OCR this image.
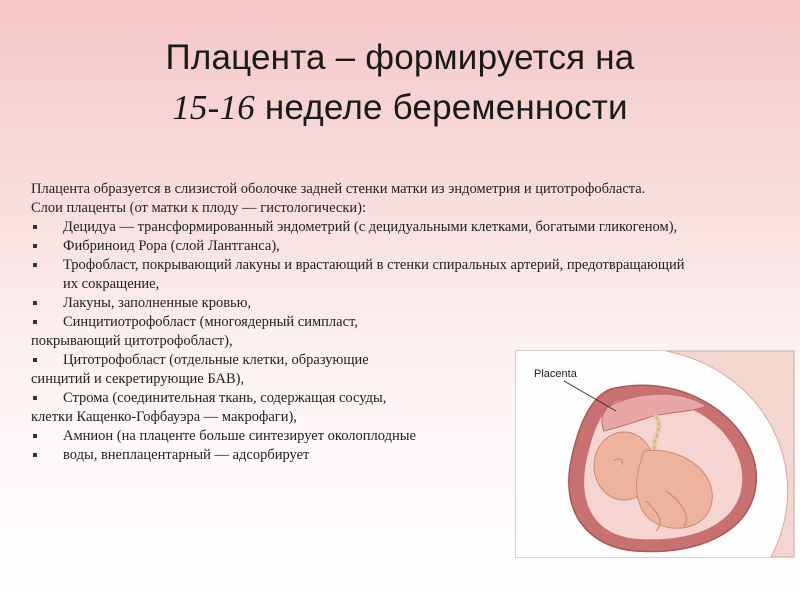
Плацента – формируется на
15-16 неделе беременности

Плацента образуется в слизистой оболочке задней стенки матки из эндометрия и цитотрофобласта.

Слои плаценты (от матки к плоду — гистологически):

Децидуа — трансформированный эндометрий (с децидуальными клетками, богатыми гликогеном),
Фибриноид Рора (слой Лантганса),
Трофобласт, покрывающий лакуны и врастающий в стенки спиральных артерий, предотвращающий их сокращение,
Лакуны, заполненные кровью,
Синцитиотрофобласт (многоядерный симпласт,

покрывающий цитотрофобласт),

Цитотрофобласт (отдельные клетки, образующие

синцитий и секретирующие БАВ),

Строма (соединительная ткань, содержащая сосуды,

клетки Кащенко-Гофбауэра — макрофаги),

Амнион (на плаценте больше синтезирует околоплодные
воды, внеплацентарный — адсорбирует
Placenta
